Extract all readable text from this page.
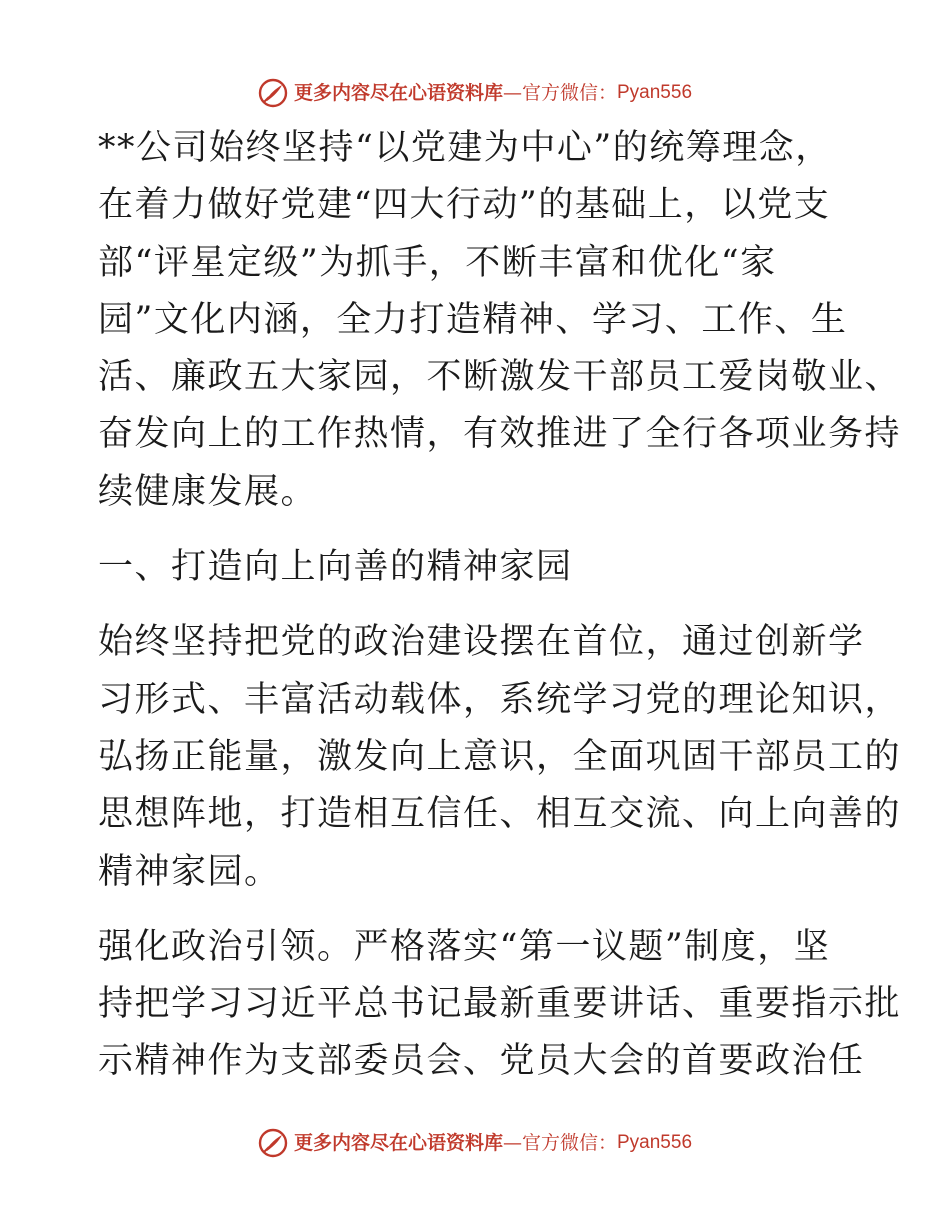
更多内容尽在心语资料库 — 官方微信： Pyan556

**公司始终坚持“以党建为中心”的统筹理念，
在着力做好党建“四大行动”的基础上，以党支
部“评星定级”为抓手，不断丰富和优化“家
园”文化内涵，全力打造精神、学习、工作、生
活、廉政五大家园，不断激发干部员工爱岗敬业、
奋发向上的工作热情，有效推进了全行各项业务持
续健康发展。

一、打造向上向善的精神家园

始终坚持把党的政治建设摆在首位，通过创新学
习形式、丰富活动载体，系统学习党的理论知识，
弘扬正能量，激发向上意识，全面巩固干部员工的
思想阵地，打造相互信任、相互交流、向上向善的
精神家园。

强化政治引领。严格落实“第一议题”制度，坚
持把学习习近平总书记最新重要讲话、重要指示批
示精神作为支部委员会、党员大会的首要政治任

更多内容尽在心语资料库 — 官方微信： Pyan556
